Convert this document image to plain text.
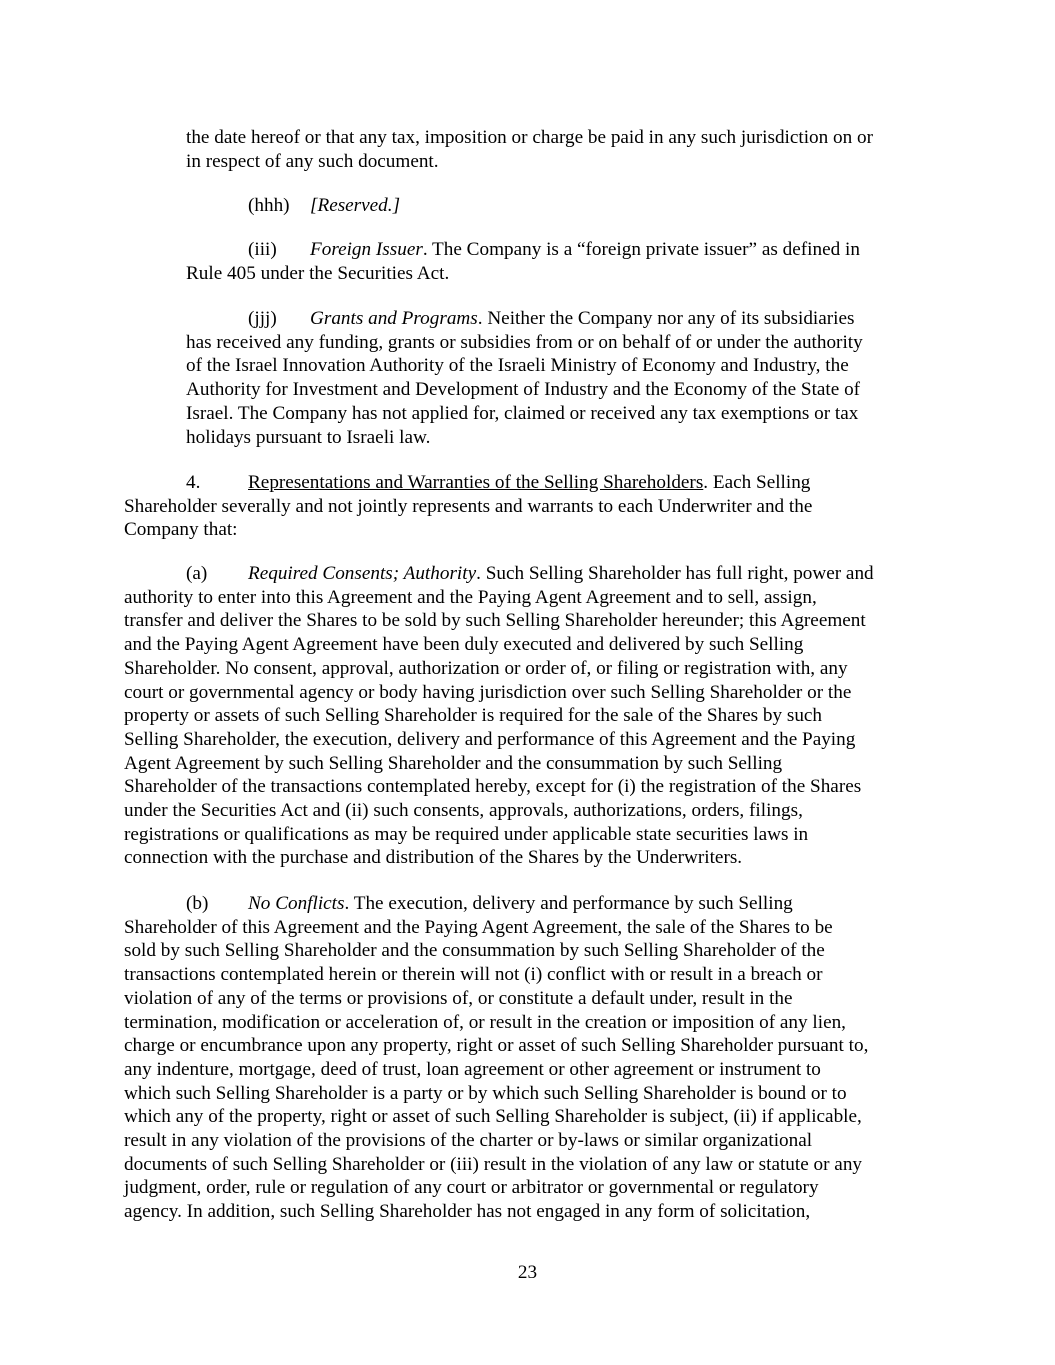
the date hereof or that any tax, imposition or charge be paid in any such jurisdiction on or
in respect of any such document.
(hhh) [Reserved.]
(iii) Foreign Issuer. The Company is a “foreign private issuer” as defined in
Rule 405 under the Securities Act.
(jjj) Grants and Programs. Neither the Company nor any of its subsidiaries
has received any funding, grants or subsidies from or on behalf of or under the authority
of the Israel Innovation Authority of the Israeli Ministry of Economy and Industry, the
Authority for Investment and Development of Industry and the Economy of the State of
Israel. The Company has not applied for, claimed or received any tax exemptions or tax
holidays pursuant to Israeli law.
4. Representations and Warranties of the Selling Shareholders. Each Selling
Shareholder severally and not jointly represents and warrants to each Underwriter and the
Company that:
(a) Required Consents; Authority. Such Selling Shareholder has full right, power and
authority to enter into this Agreement and the Paying Agent Agreement and to sell, assign,
transfer and deliver the Shares to be sold by such Selling Shareholder hereunder; this Agreement
and the Paying Agent Agreement have been duly executed and delivered by such Selling
Shareholder. No consent, approval, authorization or order of, or filing or registration with, any
court or governmental agency or body having jurisdiction over such Selling Shareholder or the
property or assets of such Selling Shareholder is required for the sale of the Shares by such
Selling Shareholder, the execution, delivery and performance of this Agreement and the Paying
Agent Agreement by such Selling Shareholder and the consummation by such Selling
Shareholder of the transactions contemplated hereby, except for (i) the registration of the Shares
under the Securities Act and (ii) such consents, approvals, authorizations, orders, filings,
registrations or qualifications as may be required under applicable state securities laws in
connection with the purchase and distribution of the Shares by the Underwriters.
(b) No Conflicts. The execution, delivery and performance by such Selling
Shareholder of this Agreement and the Paying Agent Agreement, the sale of the Shares to be
sold by such Selling Shareholder and the consummation by such Selling Shareholder of the
transactions contemplated herein or therein will not (i) conflict with or result in a breach or
violation of any of the terms or provisions of, or constitute a default under, result in the
termination, modification or acceleration of, or result in the creation or imposition of any lien,
charge or encumbrance upon any property, right or asset of such Selling Shareholder pursuant to,
any indenture, mortgage, deed of trust, loan agreement or other agreement or instrument to
which such Selling Shareholder is a party or by which such Selling Shareholder is bound or to
which any of the property, right or asset of such Selling Shareholder is subject, (ii) if applicable,
result in any violation of the provisions of the charter or by-laws or similar organizational
documents of such Selling Shareholder or (iii) result in the violation of any law or statute or any
judgment, order, rule or regulation of any court or arbitrator or governmental or regulatory
agency. In addition, such Selling Shareholder has not engaged in any form of solicitation,
23
